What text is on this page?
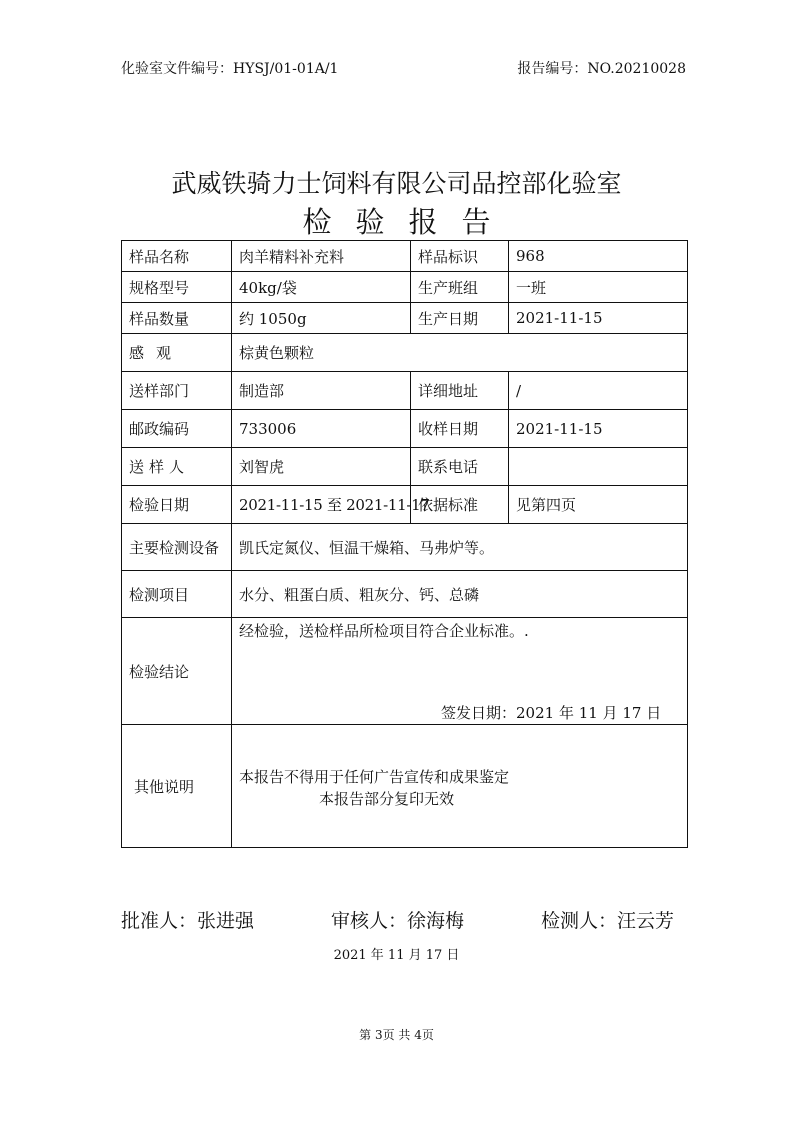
化验室文件编号：HYSJ/01-01A/1	报告编号：NO.20210028
武威铁骑力士饲料有限公司品控部化验室
检验报告
样品名称	肉羊精料补充料	样品标识	968
规格型号	40kg/袋	生产班组	一班
样品数量	约 1050g	生产日期	2021-11-15
感观	棕黄色颗粒		
送样部门	制造部	详细地址	/
邮政编码	733006	收样日期	2021-11-15
送样人	刘智虎	联系电话	
检验日期	2021-11-15 至 2021-11-17	依据标准	见第四页
主要检测设备	凯氏定氮仪、恒温干燥箱、马弗炉等。		
检测项目	水分、粗蛋白质、粗灰分、钙、总磷		
检验结论	经检验，送检样品所检项目符合企业标准。.
签发日期：2021 年 11 月 17 日		

其他说明	本报告不得用于任何广告宣传和成果鉴定
本报告部分复印无效		
批准人：张进强	审核人：徐海梅	检测人：汪云芳
2021 年 11 月 17 日
第 3页 共 4页
